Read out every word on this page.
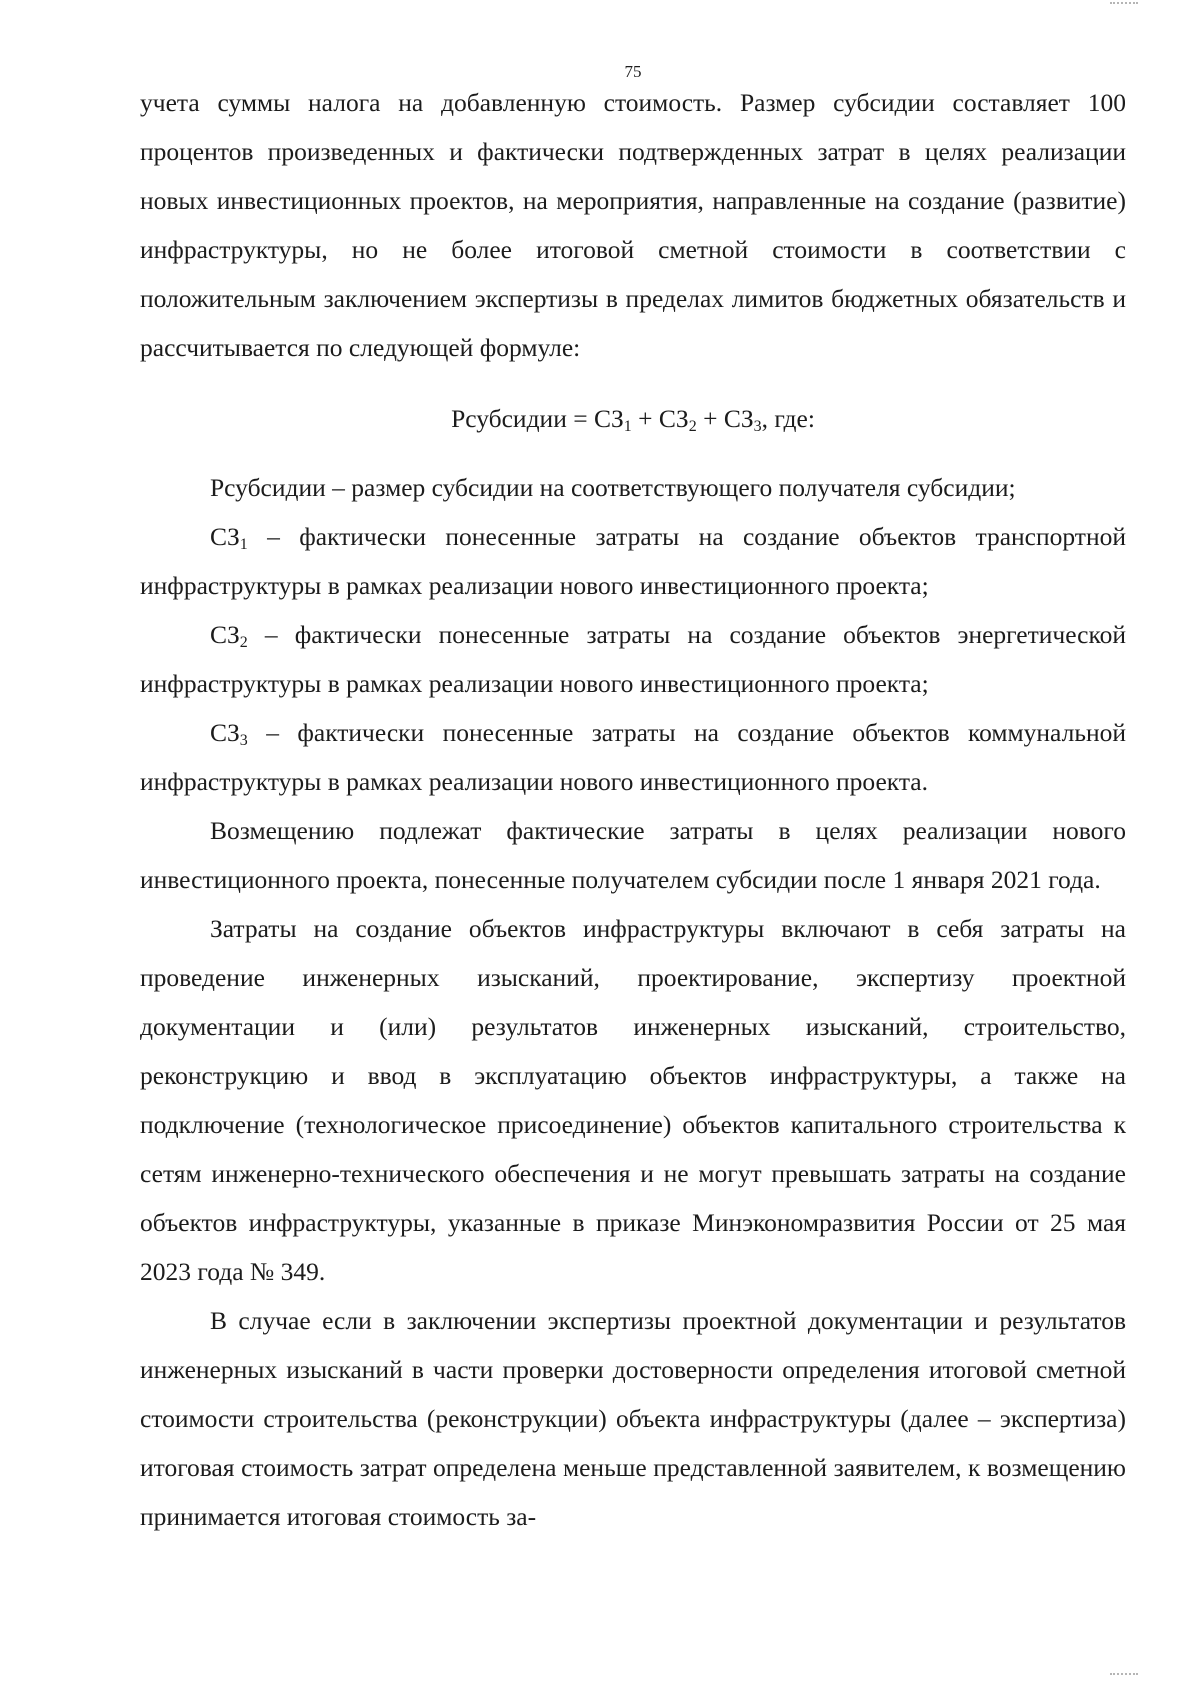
75

учета суммы налога на добавленную стоимость. Размер субсидии составляет 100 процентов произведенных и фактически подтвержденных затрат в целях реализации новых инвестиционных проектов, на мероприятия, направленные на создание (развитие) инфраструктуры, но не более итоговой сметной стоимости в соответствии с положительным заключением экспертизы в пределах лимитов бюджетных обязательств и рассчитывается по следующей формуле:

Рсубсидии = $СЗ_1 + СЗ_2 + СЗ_3$, где:

Рсубсидии – размер субсидии на соответствующего получателя субсидии;

$СЗ_1$ – фактически понесенные затраты на создание объектов транспортной инфраструктуры в рамках реализации нового инвестиционного проекта;

$СЗ_2$ – фактически понесенные затраты на создание объектов энергетической инфраструктуры в рамках реализации нового инвестиционного проекта;

$СЗ_3$ – фактически понесенные затраты на создание объектов коммунальной инфраструктуры в рамках реализации нового инвестиционного проекта.

Возмещению подлежат фактические затраты в целях реализации нового инвестиционного проекта, понесенные получателем субсидии после 1 января 2021 года.

Затраты на создание объектов инфраструктуры включают в себя затраты на проведение инженерных изысканий, проектирование, экспертизу проектной документации и (или) результатов инженерных изысканий, строительство, реконструкцию и ввод в эксплуатацию объектов инфраструктуры, а также на подключение (технологическое присоединение) объектов капитального строительства к сетям инженерно-технического обеспечения и не могут превышать затраты на создание объектов инфраструктуры, указанные в приказе Минэкономразвития России от 25 мая 2023 года № 349.

В случае если в заключении экспертизы проектной документации и результатов инженерных изысканий в части проверки достоверности определения итоговой сметной стоимости строительства (реконструкции) объекта инфраструктуры (далее – экспертиза) итоговая стоимость затрат определена меньше представленной заявителем, к возмещению принимается итоговая стоимость за-
